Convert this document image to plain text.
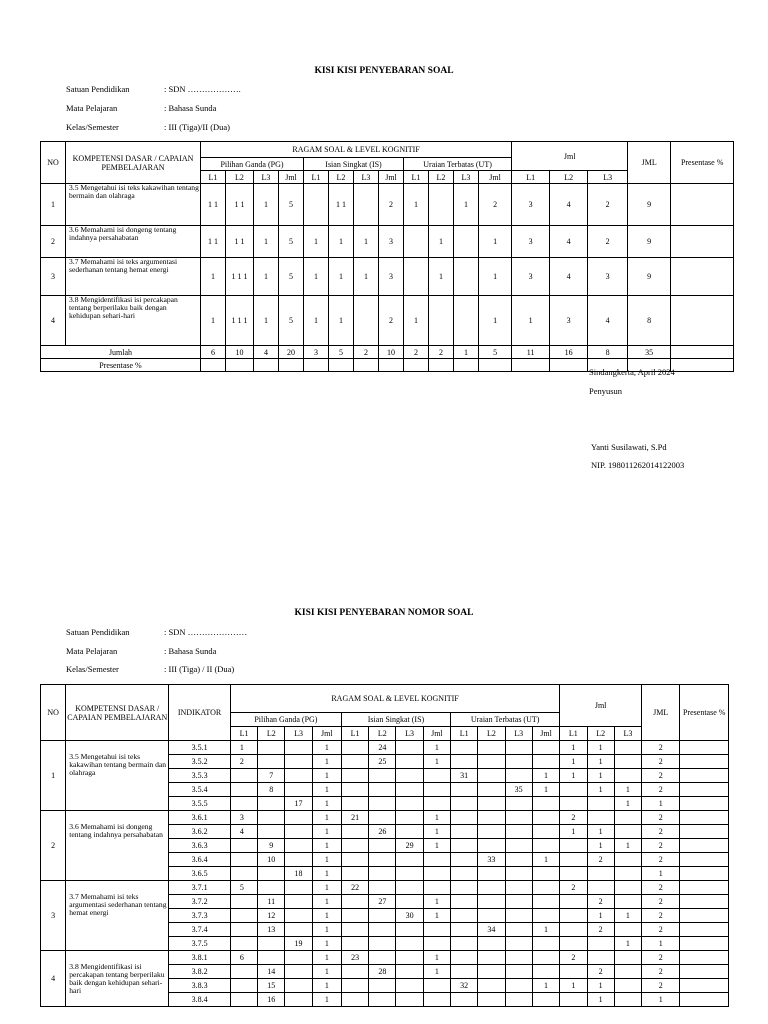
KISI KISI PENYEBARAN SOAL
Satuan Pendidikan	: SDN ……………….
Mata Pelajaran	: Bahasa Sunda
Kelas/Semester	: III (Tiga)/II (Dua)
NO	KOMPETENSI DASAR / CAPAIAN PEMBELAJARAN	RAGAM SOAL & LEVEL KOGNITIF												Jml			JML	Presentase %
		Pilihan Ganda (PG)				Isian Singkat (IS)				Uraian Terbatas (UT)								
		L1	L2	L3	Jml	L1	L2	L3	Jml	L1	L2	L3	Jml	L1	L2	L3		
1	3.5 Mengetahui isi teks kakawihan tentang bermain dan olahraga	1 1	1 1	1	5		1 1		2	1		1	2	3	4	2	9	
2	3.6 Memahami isi dongeng tentang indahnya persahabatan	1 1	1 1	1	5	1	1	1	3		1		1	3	4	2	9	
3	3.7 Memahami isi teks argumentasi sederhanan tentang hemat energi	1	1 1 1	1	5	1	1	1	3		1		1	3	4	3	9	
4	3.8 Mengidentifikasi isi percakapan tentang berperilaku baik dengan kehidupan sehari-hari	1	1 1 1	1	5	1	1		2	1			1	1	3	4	8	
Jumlah		6	10	4	20	3	5	2	10	2	2	1	5	11	16	8	35	
Presentase %																		
Sindangkerta, April 2024
Penyusun
Yanti Susilawati, S.Pd
NIP. 198011262014122003
KISI KISI PENYEBARAN NOMOR SOAL
Satuan Pendidikan	: SDN …………………
Mata Pelajaran	: Bahasa Sunda
Kelas/Semester	: III (Tiga) / II (Dua)
NO	KOMPETENSI DASAR / CAPAIAN PEMBELAJARAN	INDIKATOR	RAGAM SOAL & LEVEL KOGNITIF												Jml			JML	Presentase %
			Pilihan Ganda (PG)				Isian Singkat (IS)				Uraian Terbatas (UT)								
			L1	L2	L3	Jml	L1	L2	L3	Jml	L1	L2	L3	Jml	L1	L2	L3		
1	3.5 Mengetahui isi teks kakawihan tentang bermain dan olahraga	3.5.1	1			1		24		1					1	1		2	
		3.5.2	2			1		25		1					1	1		2	
		3.5.3		7		1					31			1	1	1		2	
		3.5.4		8		1							35	1		1	1	2	
		3.5.5			17	1											1	1	
2	3.6 Memahami isi dongeng tentang indahnya persahabatan	3.6.1	3			1	21			1					2			2	
		3.6.2	4			1		26		1					1	1		2	
		3.6.3		9		1			29	1						1	1	2	
		3.6.4		10		1						33		1		2		2	
		3.6.5			18	1												1	
3	3.7 Memahami isi teks argumentasi sederhanan tentang hemat energi	3.7.1	5			1	22								2			2	
		3.7.2		11		1		27		1						2		2	
		3.7.3		12		1			30	1						1	1	2	
		3.7.4		13		1						34		1		2		2	
		3.7.5			19	1											1	1	
4	3.8 Mengidentifikasi isi percakapan tentang berperilaku baik dengan kehidupan sehari-hari	3.8.1	6			1	23			1					2			2	
		3.8.2		14		1		28		1						2		2	
		3.8.3		15		1					32			1	1	1		2	
		3.8.4		16		1										1		1	
